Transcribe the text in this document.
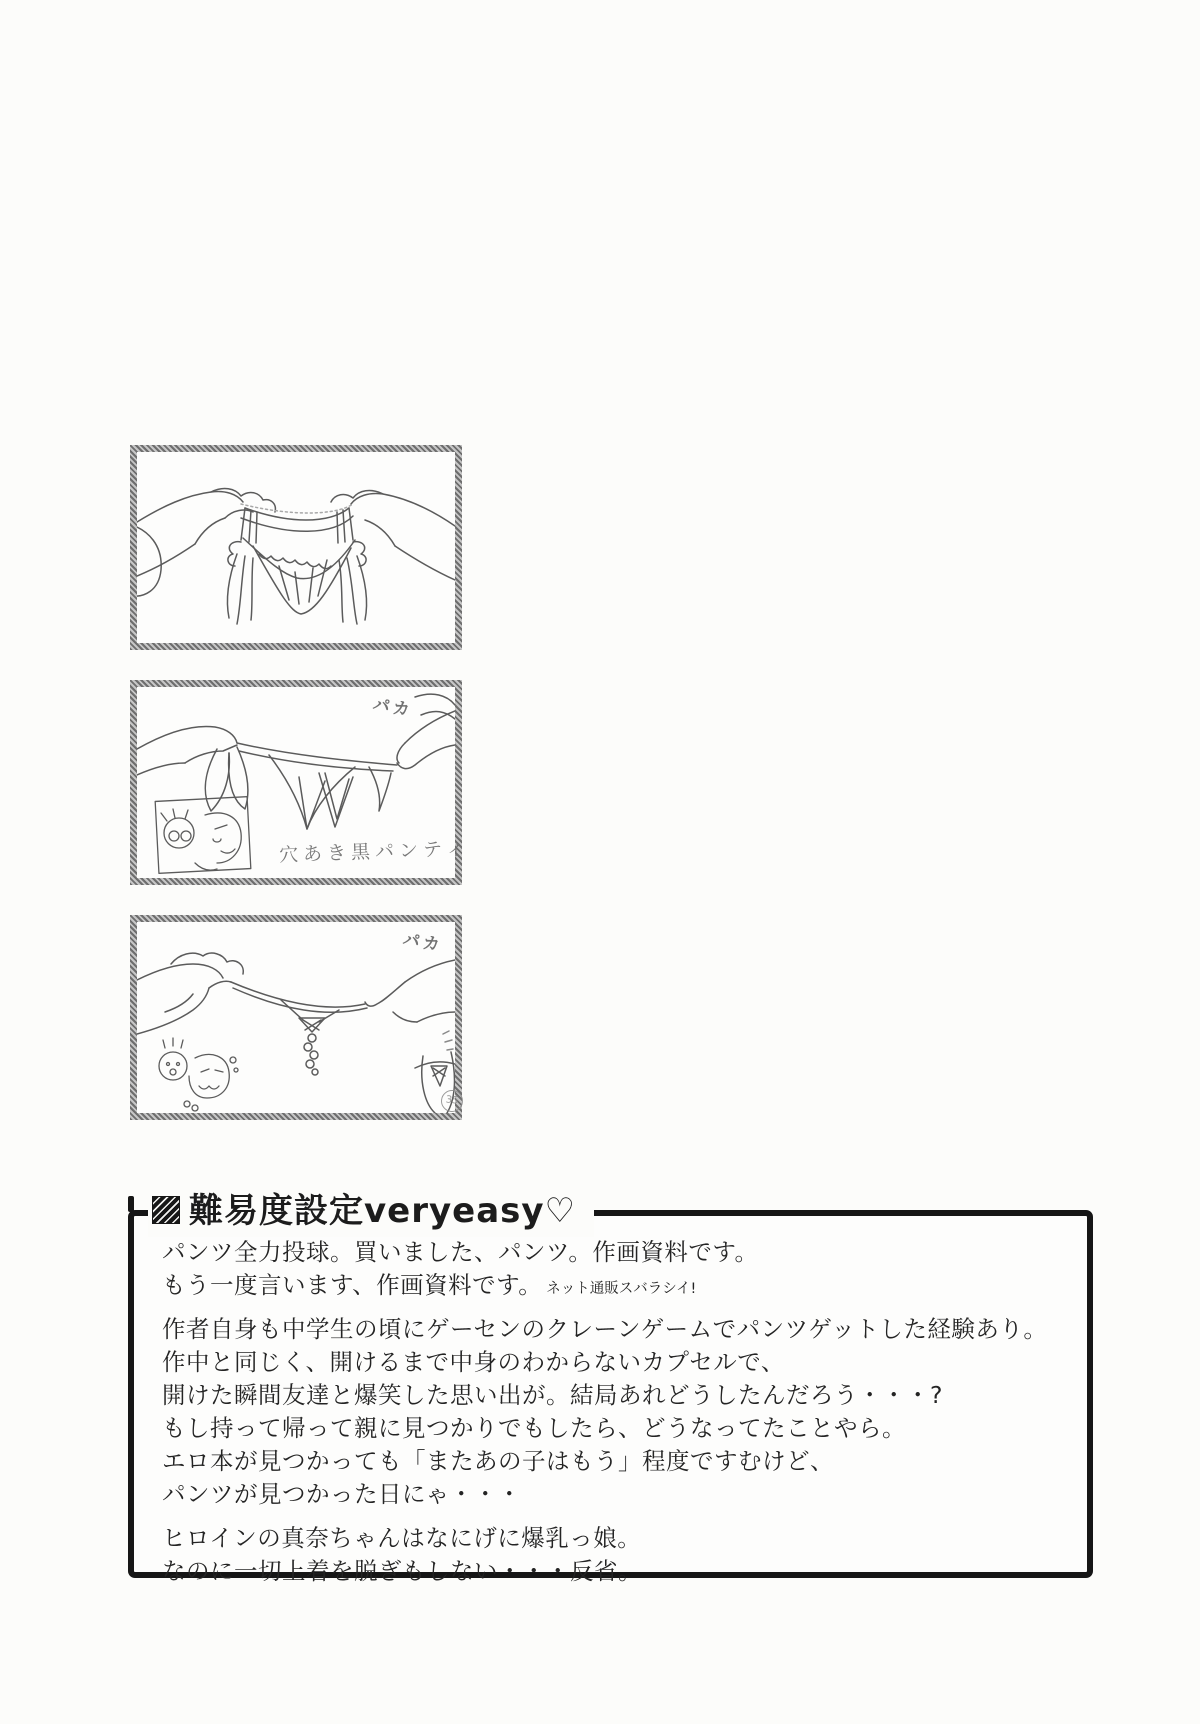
パカ
穴あき黒パンティ
パカ
35
難易度設定veryeasy♡

パンツ全力投球。買いました、パンツ。作画資料です。

もう一度言います、作画資料です。 ネット通販スバラシイ!

作者自身も中学生の頃にゲーセンのクレーンゲームでパンツゲットした経験あり。

作中と同じく、開けるまで中身のわからないカプセルで、

開けた瞬間友達と爆笑した思い出が。結局あれどうしたんだろう・・・?

もし持って帰って親に見つかりでもしたら、どうなってたことやら。

エロ本が見つかっても「またあの子はもう」程度ですむけど、

パンツが見つかった日にゃ・・・

ヒロインの真奈ちゃんはなにげに爆乳っ娘。

なのに一切上着を脱ぎもしない・・・反省。
